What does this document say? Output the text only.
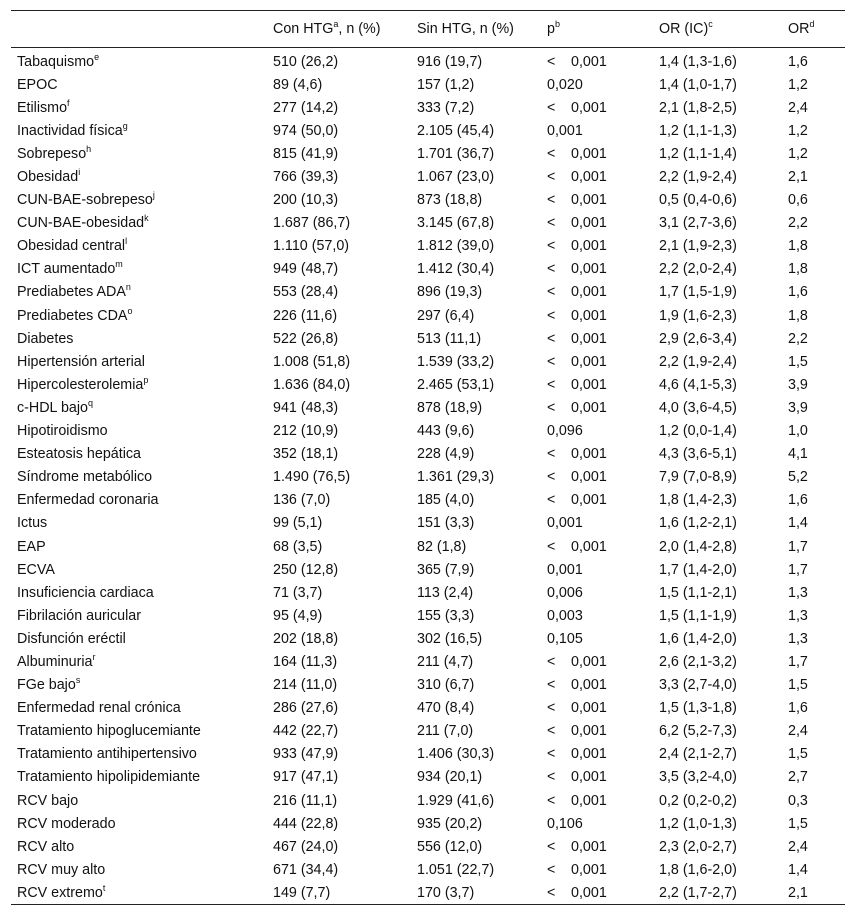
	Con HTG$^a$, n (%)	Sin HTG, n (%)	$p^b$	OR (IC)$^c$	$OR^d$
Tabaquismo$^e$	510 (26,2)	916 (19,7)	< 0,001	1,4 (1,3-1,6)	1,6
EPOC	89 (4,6)	157 (1,2)	0,020	1,4 (1,0-1,7)	1,2
Etilismo$^f$	277 (14,2)	333 (7,2)	< 0,001	2,1 (1,8-2,5)	2,4
Inactividad física$^g$	974 (50,0)	2.105 (45,4)	0,001	1,2 (1,1-1,3)	1,2
Sobrepeso$^h$	815 (41,9)	1.701 (36,7)	< 0,001	1,2 (1,1-1,4)	1,2
Obesidad$^i$	766 (39,3)	1.067 (23,0)	< 0,001	2,2 (1,9-2,4)	2,1
CUN-BAE-sobrepeso$^j$	200 (10,3)	873 (18,8)	< 0,001	0,5 (0,4-0,6)	0,6
CUN-BAE-obesidad$^k$	1.687 (86,7)	3.145 (67,8)	< 0,001	3,1 (2,7-3,6)	2,2
Obesidad central$^l$	1.110 (57,0)	1.812 (39,0)	< 0,001	2,1 (1,9-2,3)	1,8
ICT aumentado$^m$	949 (48,7)	1.412 (30,4)	< 0,001	2,2 (2,0-2,4)	1,8
Prediabetes ADA$^n$	553 (28,4)	896 (19,3)	< 0,001	1,7 (1,5-1,9)	1,6
Prediabetes CDA$^o$	226 (11,6)	297 (6,4)	< 0,001	1,9 (1,6-2,3)	1,8
Diabetes	522 (26,8)	513 (11,1)	< 0,001	2,9 (2,6-3,4)	2,2
Hipertensión arterial	1.008 (51,8)	1.539 (33,2)	< 0,001	2,2 (1,9-2,4)	1,5
Hipercolesterolemia$^p$	1.636 (84,0)	2.465 (53,1)	< 0,001	4,6 (4,1-5,3)	3,9
c-HDL bajo$^q$	941 (48,3)	878 (18,9)	< 0,001	4,0 (3,6-4,5)	3,9
Hipotiroidismo	212 (10,9)	443 (9,6)	0,096	1,2 (0,0-1,4)	1,0
Esteatosis hepática	352 (18,1)	228 (4,9)	< 0,001	4,3 (3,6-5,1)	4,1
Síndrome metabólico	1.490 (76,5)	1.361 (29,3)	< 0,001	7,9 (7,0-8,9)	5,2
Enfermedad coronaria	136 (7,0)	185 (4,0)	< 0,001	1,8 (1,4-2,3)	1,6
Ictus	99 (5,1)	151 (3,3)	0,001	1,6 (1,2-2,1)	1,4
EAP	68 (3,5)	82 (1,8)	< 0,001	2,0 (1,4-2,8)	1,7
ECVA	250 (12,8)	365 (7,9)	0,001	1,7 (1,4-2,0)	1,7
Insuficiencia cardiaca	71 (3,7)	113 (2,4)	0,006	1,5 (1,1-2,1)	1,3
Fibrilación auricular	95 (4,9)	155 (3,3)	0,003	1,5 (1,1-1,9)	1,3
Disfunción eréctil	202 (18,8)	302 (16,5)	0,105	1,6 (1,4-2,0)	1,3
Albuminuria$^r$	164 (11,3)	211 (4,7)	< 0,001	2,6 (2,1-3,2)	1,7
FGe bajo$^s$	214 (11,0)	310 (6,7)	< 0,001	3,3 (2,7-4,0)	1,5
Enfermedad renal crónica	286 (27,6)	470 (8,4)	< 0,001	1,5 (1,3-1,8)	1,6
Tratamiento hipoglucemiante	442 (22,7)	211 (7,0)	< 0,001	6,2 (5,2-7,3)	2,4
Tratamiento antihipertensivo	933 (47,9)	1.406 (30,3)	< 0,001	2,4 (2,1-2,7)	1,5
Tratamiento hipolipidemiante	917 (47,1)	934 (20,1)	< 0,001	3,5 (3,2-4,0)	2,7
RCV bajo	216 (11,1)	1.929 (41,6)	< 0,001	0,2 (0,2-0,2)	0,3
RCV moderado	444 (22,8)	935 (20,2)	0,106	1,2 (1,0-1,3)	1,5
RCV alto	467 (24,0)	556 (12,0)	< 0,001	2,3 (2,0-2,7)	2,4
RCV muy alto	671 (34,4)	1.051 (22,7)	< 0,001	1,8 (1,6-2,0)	1,4
RCV extremo$^t$	149 (7,7)	170 (3,7)	< 0,001	2,2 (1,7-2,7)	2,1
